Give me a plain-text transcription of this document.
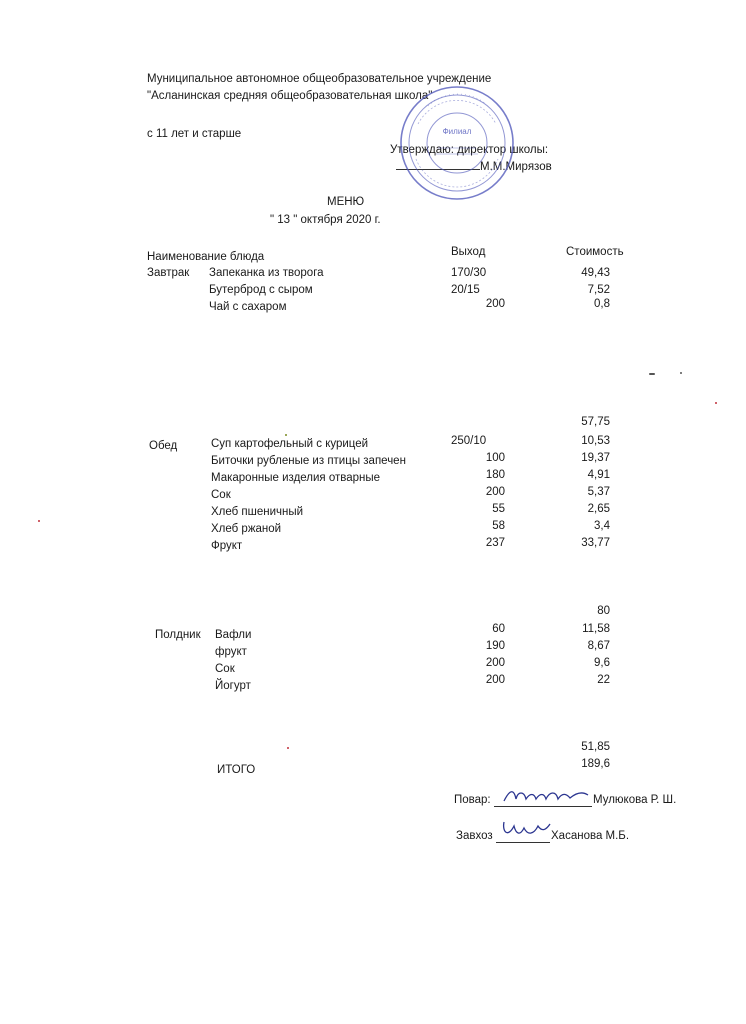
Муниципальное автономное общеобразовательное учреждение
"Асланинская средняя общеобразовательная школа"
с 11 лет и старше
Утверждаю: директор школы:
М.М.Мирязов
Филиал
МЕНЮ
" 13 " октября 2020 г.
Наименование блюда	Выход	Стоимость
Завтрак Запеканка из творога	170/30	49,43
Бутерброд с сыром	20/15	7,52
Чай с сахаром	200	0,8
57,75
Обед	Суп картофельный с курицей	250/10	10,53
Биточки рубленые из птицы запечен	100	19,37
Макаронные изделия отварные	180	4,91
Сок	200	5,37
Хлеб пшеничный	55	2,65
Хлеб ржаной	58	3,4
Фрукт	237	33,77
80
Полдник Вафли	60	11,58
фрукт	190	8,67
Сок	200	9,6
Йогурт	200	22
51,85
ИТОГО	189,6
Повар:	Мулюкова Р. Ш.
Завхоз	Хасанова М.Б.
